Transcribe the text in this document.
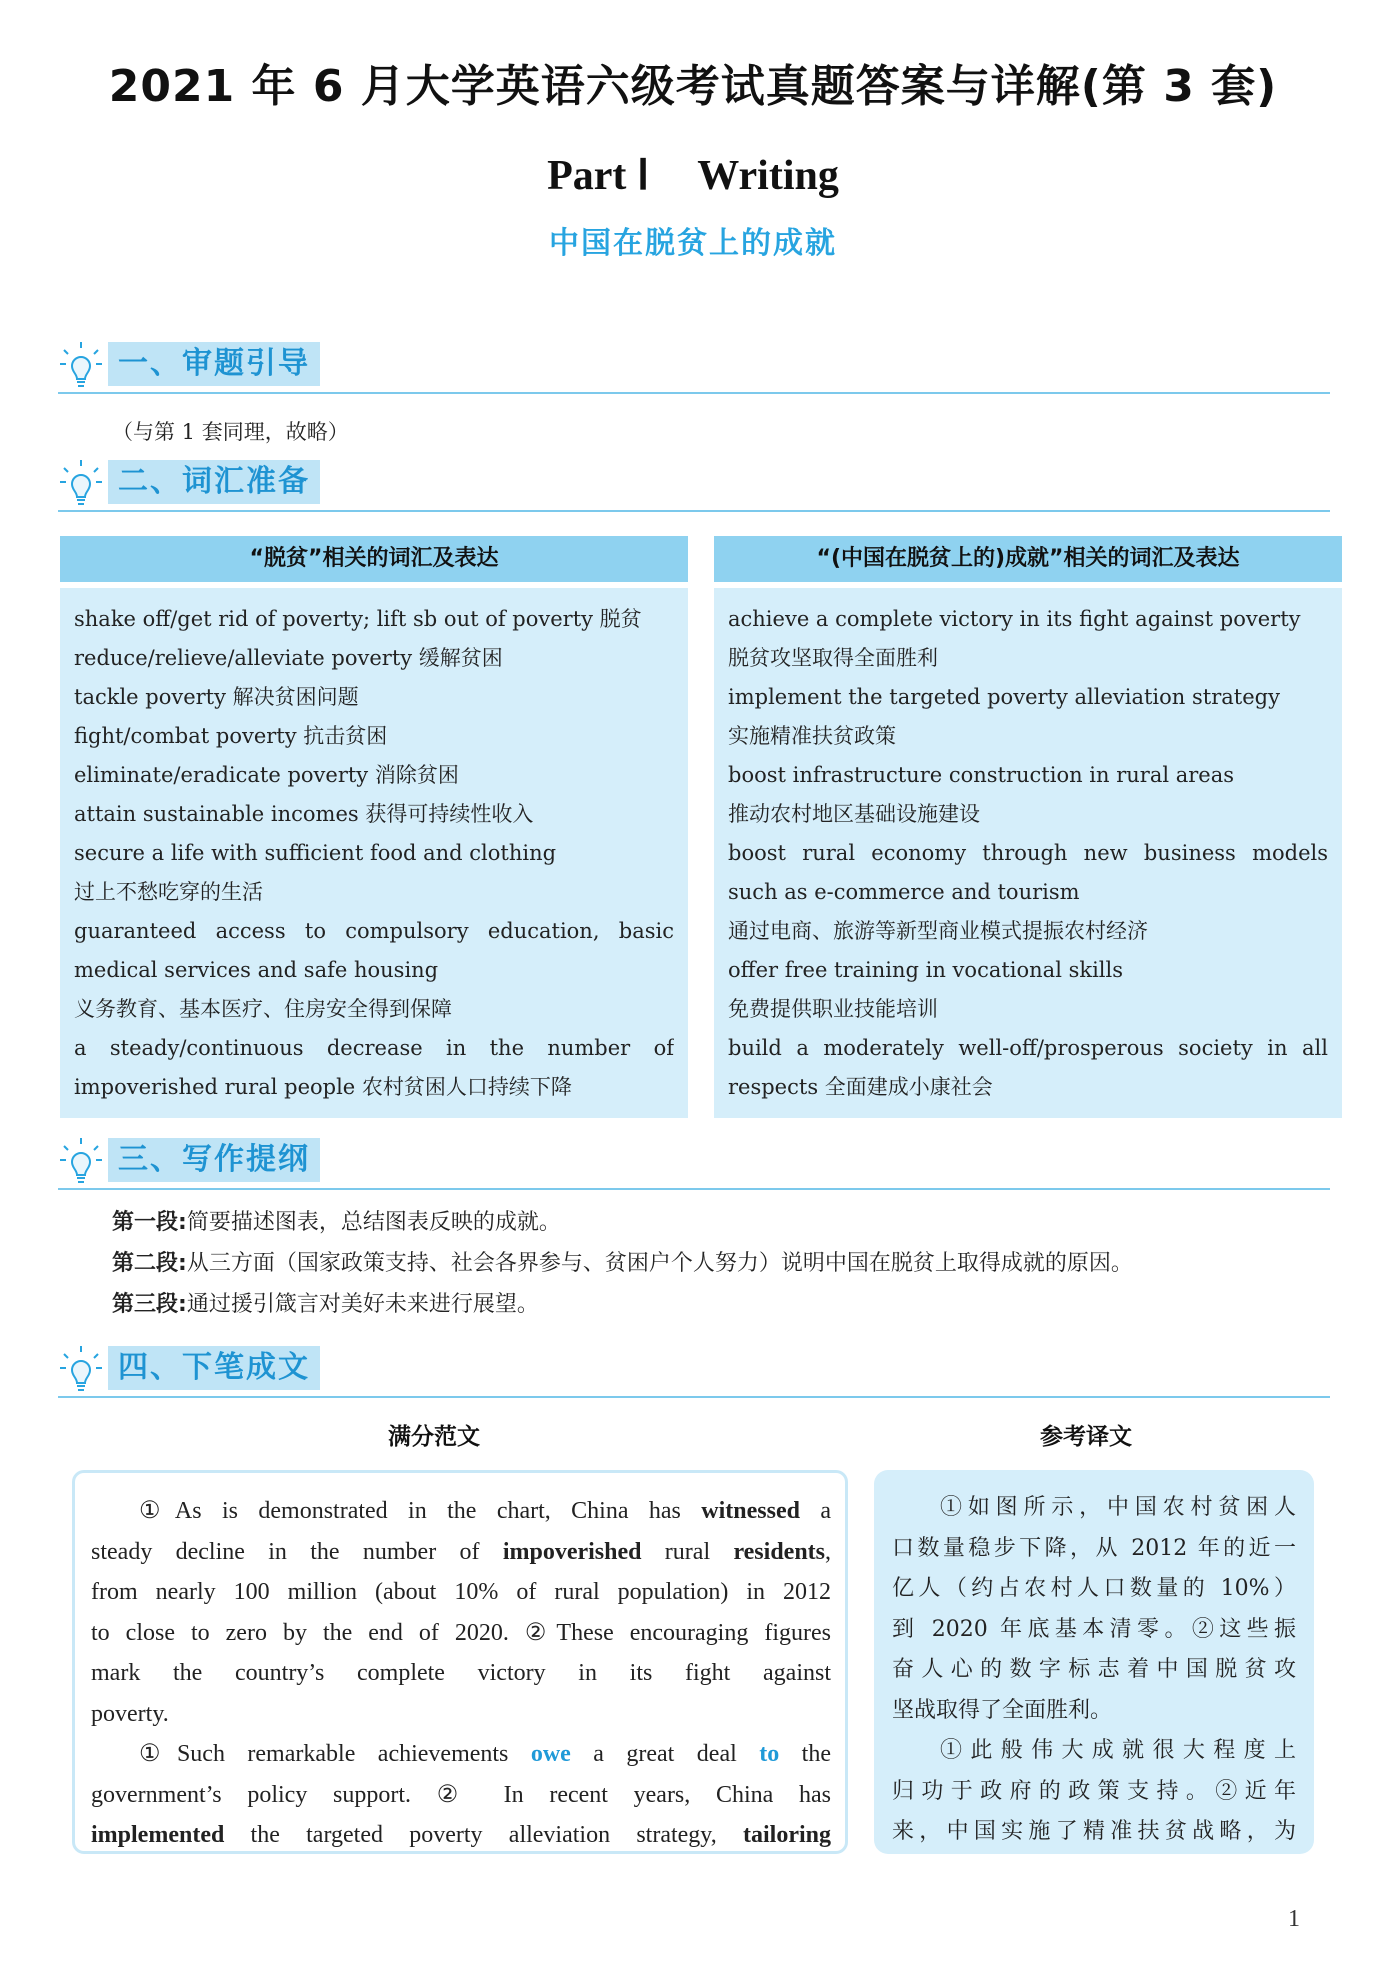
2021 年 6 月大学英语六级考试真题答案与详解(第 3 套)
Part Ⅰ Writing
中国在脱贫上的成就
一、审题引导
（与第 1 套同理，故略）
二、词汇准备
“脱贫”相关的词汇及表达
shake off/get rid of poverty; lift sb out of poverty 脱贫
reduce/relieve/alleviate poverty 缓解贫困
tackle poverty 解决贫困问题
fight/combat poverty 抗击贫困
eliminate/eradicate poverty 消除贫困
attain sustainable incomes 获得可持续性收入
secure a life with sufficient food and clothing
过上不愁吃穿的生活
guaranteed access to compulsory education, basic
medical services and safe housing
义务教育、基本医疗、住房安全得到保障
a steady/continuous decrease in the number of
impoverished rural people 农村贫困人口持续下降
“(中国在脱贫上的)成就”相关的词汇及表达
achieve a complete victory in its fight against poverty
脱贫攻坚取得全面胜利
implement the targeted poverty alleviation strategy
实施精准扶贫政策
boost infrastructure construction in rural areas
推动农村地区基础设施建设
boost rural economy through new business models
such as e-commerce and tourism
通过电商、旅游等新型商业模式提振农村经济
offer free training in vocational skills
免费提供职业技能培训
build a moderately well-off/prosperous society in all
respects 全面建成小康社会
三、写作提纲
第一段:简要描述图表，总结图表反映的成就。
第二段:从三方面（国家政策支持、社会各界参与、贫困户个人努力）说明中国在脱贫上取得成就的原因。
第三段:通过援引箴言对美好未来进行展望。
四、下笔成文
满分范文	参考译文
①As is demonstrated in the chart, China has witnessed a
steady decline in the number of impoverished rural residents,
from nearly 100 million (about 10% of rural population) in 2012
to close to zero by the end of 2020. ②These encouraging figures
mark the country’s complete victory in its fight against
poverty.
①Such remarkable achievements owe a great deal to the
government’s policy support. ② In recent years, China has
implemented the targeted poverty alleviation strategy, tailoring
①如图所示，中国农村贫困人
口数量稳步下降，从 2012 年的近一
亿人（约占农村人口数量的 10%）
到 2020 年底基本清零。②这些振
奋人心的数字标志着中国脱贫攻
坚战取得了全面胜利。
①此般伟大成就很大程度上
归功于政府的政策支持。②近年
来，中国实施了精准扶贫战略，为
1
